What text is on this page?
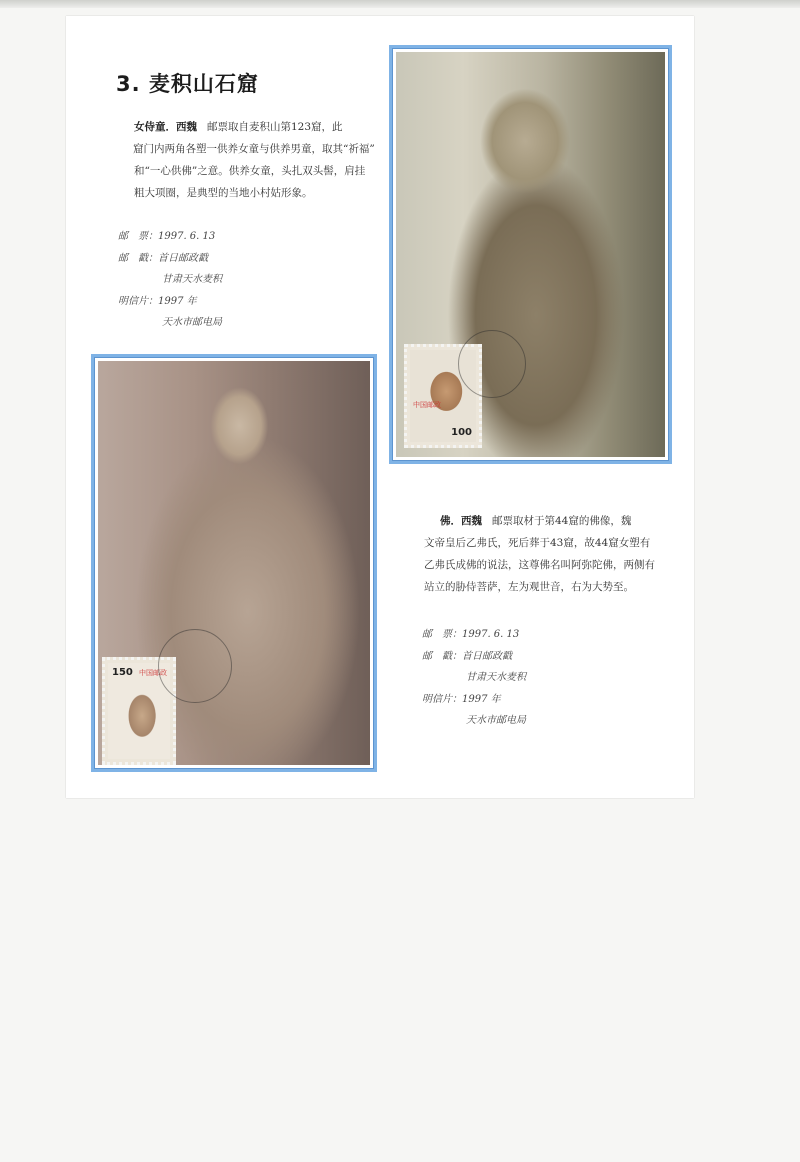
3. 麦积山石窟
女侍童．西魏 邮票取自麦积山第123窟，此
窟门内两角各塑一供养女童与供养男童，取其“祈福”
和“一心供佛”之意。供养女童，头扎双头髻，肩挂
粗大项圈，是典型的当地小村姑形象。
邮　票：1997. 6. 13
邮　戳：首日邮政戳
甘肃天水麦积
明信片：1997 年
天水市邮电局
中国邮政
100
150 中国邮政
佛．西魏 邮票取材于第44窟的佛像，魏
文帝皇后乙弗氏，死后葬于43窟，故44窟女塑有
乙弗氏成佛的说法，这尊佛名叫阿弥陀佛，两侧有
站立的胁侍菩萨，左为观世音，右为大势至。
邮　票：1997. 6. 13
邮　戳：首日邮政戳
甘肃天水麦积
明信片：1997 年
天水市邮电局
